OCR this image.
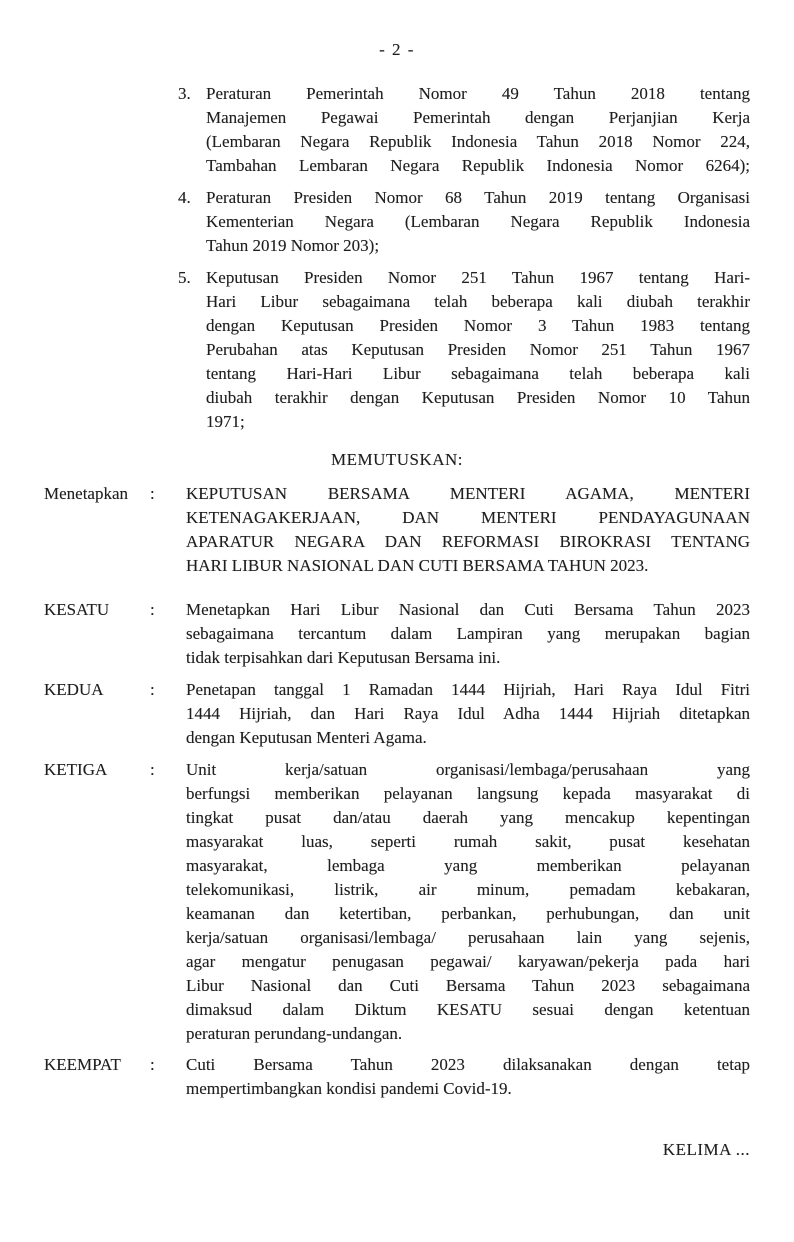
- 2 -
3. Peraturan Pemerintah Nomor 49 Tahun 2018 tentang
Manajemen Pegawai Pemerintah dengan Perjanjian Kerja
(Lembaran Negara Republik Indonesia Tahun 2018 Nomor 224,
Tambahan Lembaran Negara Republik Indonesia Nomor 6264);
4. Peraturan Presiden Nomor 68 Tahun 2019 tentang Organisasi
Kementerian Negara (Lembaran Negara Republik Indonesia
Tahun 2019 Nomor 203);
5. Keputusan Presiden Nomor 251 Tahun 1967 tentang Hari-
Hari Libur sebagaimana telah beberapa kali diubah terakhir
dengan Keputusan Presiden Nomor 3 Tahun 1983 tentang
Perubahan atas Keputusan Presiden Nomor 251 Tahun 1967
tentang Hari-Hari Libur sebagaimana telah beberapa kali
diubah terakhir dengan Keputusan Presiden Nomor 10 Tahun
1971;
MEMUTUSKAN:
Menetapkan	:	KEPUTUSAN BERSAMA MENTERI AGAMA, MENTERI
KETENAGAKERJAAN, DAN MENTERI PENDAYAGUNAAN
APARATUR NEGARA DAN REFORMASI BIROKRASI TENTANG
HARI LIBUR NASIONAL DAN CUTI BERSAMA TAHUN 2023.
KESATU	:	Menetapkan Hari Libur Nasional dan Cuti Bersama Tahun 2023
sebagaimana tercantum dalam Lampiran yang merupakan bagian
tidak terpisahkan dari Keputusan Bersama ini.
KEDUA	:	Penetapan tanggal 1 Ramadan 1444 Hijriah, Hari Raya Idul Fitri
1444 Hijriah, dan Hari Raya Idul Adha 1444 Hijriah ditetapkan
dengan Keputusan Menteri Agama.
KETIGA	:	Unit kerja/satuan organisasi/lembaga/perusahaan yang
berfungsi memberikan pelayanan langsung kepada masyarakat di
tingkat pusat dan/atau daerah yang mencakup kepentingan
masyarakat luas, seperti rumah sakit, pusat kesehatan
masyarakat, lembaga yang memberikan pelayanan
telekomunikasi, listrik, air minum, pemadam kebakaran,
keamanan dan ketertiban, perbankan, perhubungan, dan unit
kerja/satuan organisasi/lembaga/ perusahaan lain yang sejenis,
agar mengatur penugasan pegawai/ karyawan/pekerja pada hari
Libur Nasional dan Cuti Bersama Tahun 2023 sebagaimana
dimaksud dalam Diktum KESATU sesuai dengan ketentuan
peraturan perundang-undangan.
KEEMPAT	:	Cuti Bersama Tahun 2023 dilaksanakan dengan tetap
mempertimbangkan kondisi pandemi Covid-19.
KELIMA ...
